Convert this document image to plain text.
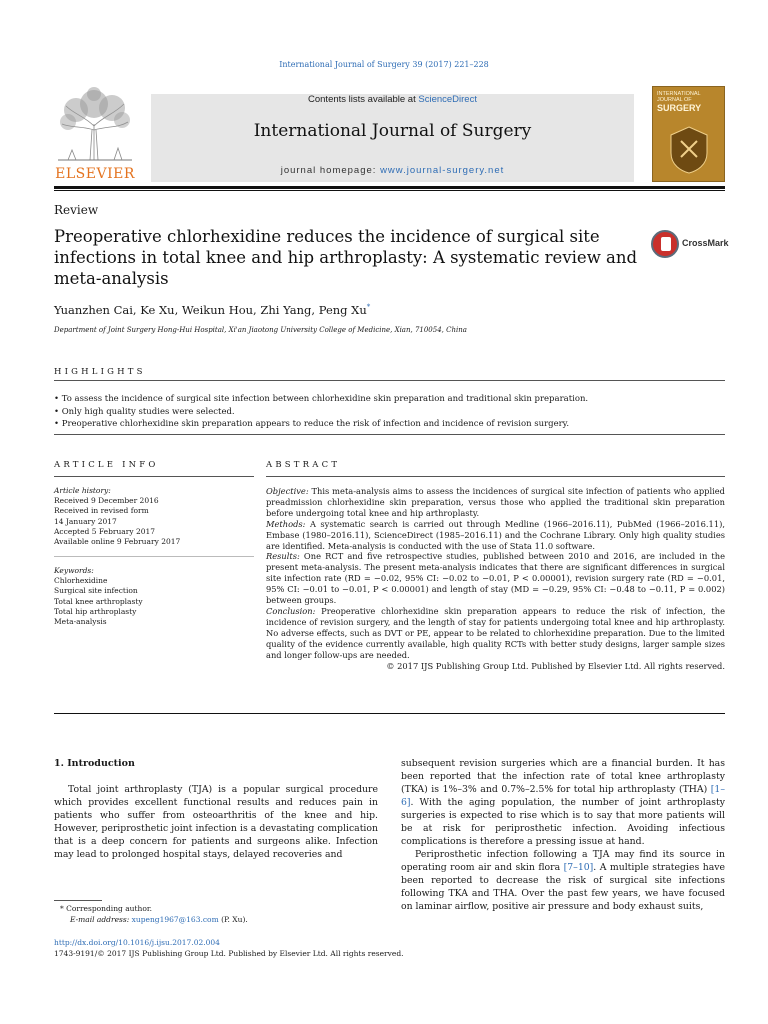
International Journal of Surgery 39 (2017) 221–228
ELSEVIER
Contents lists available at ScienceDirect
International Journal of Surgery
journal homepage: www.journal-surgery.net
INTERNATIONAL JOURNAL OF
SURGERY
Review
Preoperative chlorhexidine reduces the incidence of surgical site infections in total knee and hip arthroplasty: A systematic review and meta-analysis
CrossMark
Yuanzhen Cai, Ke Xu, Weikun Hou, Zhi Yang, Peng Xu*
Department of Joint Surgery Hong-Hui Hospital, Xi'an Jiaotong University College of Medicine, Xian, 710054, China
HIGHLIGHTS
• To assess the incidence of surgical site infection between chlorhexidine skin preparation and traditional skin preparation.
• Only high quality studies were selected.
• Preoperative chlorhexidine skin preparation appears to reduce the risk of infection and incidence of revision surgery.
ARTICLE INFO	ABSTRACT
Article history:
Received 9 December 2016
Received in revised form
14 January 2017
Accepted 5 February 2017
Available online 9 February 2017
Keywords:
Chlorhexidine
Surgical site infection
Total knee arthroplasty
Total hip arthroplasty
Meta-analysis
Objective: This meta-analysis aims to assess the incidences of surgical site infection of patients who applied preadmission chlorhexidine skin preparation, versus those who applied the traditional skin preparation before undergoing total knee and hip arthroplasty.
Methods: A systematic search is carried out through Medline (1966–2016.11), PubMed (1966–2016.11), Embase (1980–2016.11), ScienceDirect (1985–2016.11) and the Cochrane Library. Only high quality studies are identified. Meta-analysis is conducted with the use of Stata 11.0 software.
Results: One RCT and five retrospective studies, published between 2010 and 2016, are included in the present meta-analysis. The present meta-analysis indicates that there are significant differences in surgical site infection rate (RD = −0.02, 95% CI: −0.02 to −0.01, P < 0.00001), revision surgery rate (RD = −0.01, 95% CI: −0.01 to −0.01, P < 0.00001) and length of stay (MD = −0.29, 95% CI: −0.48 to −0.11, P = 0.002) between groups.
Conclusion: Preoperative chlorhexidine skin preparation appears to reduce the risk of infection, the incidence of revision surgery, and the length of stay for patients undergoing total knee and hip arthroplasty. No adverse effects, such as DVT or PE, appear to be related to chlorhexidine preparation. Due to the limited quality of the evidence currently available, high quality RCTs with better study designs, larger sample sizes and longer follow-ups are needed.
© 2017 IJS Publishing Group Ltd. Published by Elsevier Ltd. All rights reserved.
1. Introduction

Total joint arthroplasty (TJA) is a popular surgical procedure which provides excellent functional results and reduces pain in patients who suffer from osteoarthritis of the knee and hip. However, periprosthetic joint infection is a devastating complication that is a deep concern for patients and surgeons alike. Infection may lead to prolonged hospital stays, delayed recoveries and

subsequent revision surgeries which are a financial burden. It has been reported that the infection rate of total knee arthroplasty (TKA) is 1%–3% and 0.7%–2.5% for total hip arthroplasty (THA) [1–6]. With the aging population, the number of joint arthroplasty surgeries is expected to rise which is to say that more patients will be at risk for periprosthetic infection. Avoiding infectious complications is therefore a pressing issue at hand.

Periprosthetic infection following a TJA may find its source in operating room air and skin flora [7–10]. A multiple strategies have been reported to decrease the risk of surgical site infections following TKA and THA. Over the past few years, we have focused on laminar airflow, positive air pressure and body exhaust suits,

* Corresponding author.
E-mail address: xupeng1967@163.com (P. Xu).
http://dx.doi.org/10.1016/j.ijsu.2017.02.004
1743-9191/© 2017 IJS Publishing Group Ltd. Published by Elsevier Ltd. All rights reserved.
